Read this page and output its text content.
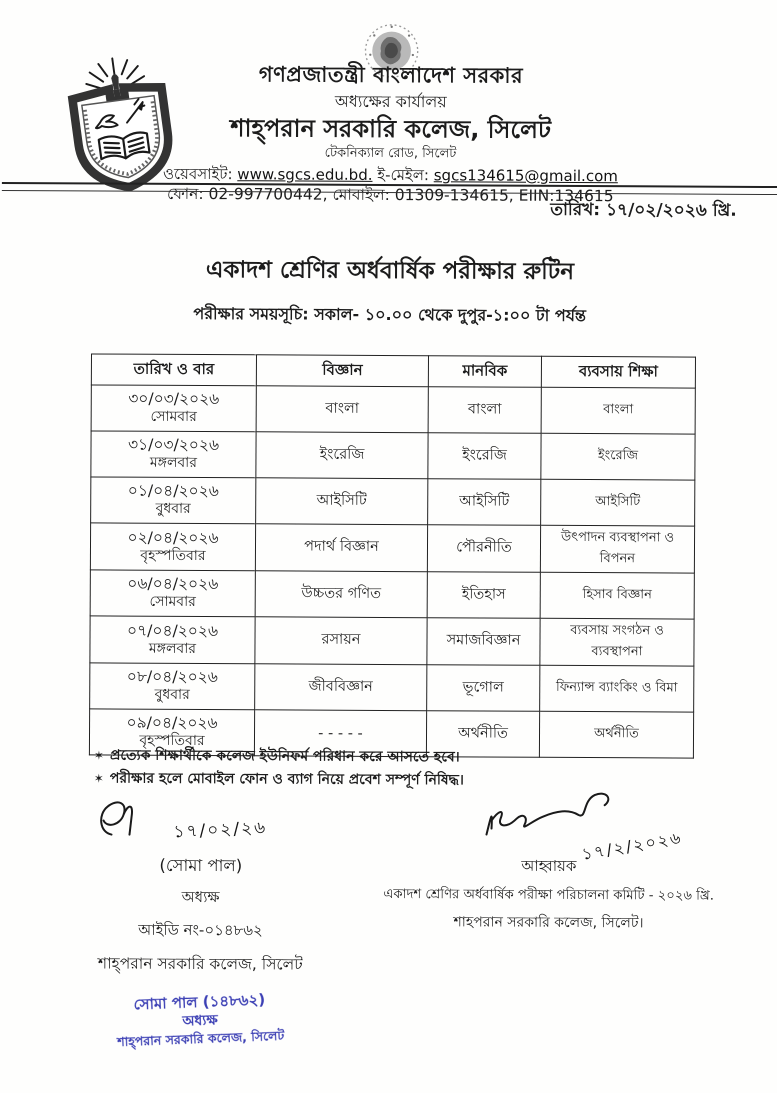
গণপ্রজাতন্ত্রী বাংলাদেশ সরকার
অধ্যক্ষের কার্যালয়
শাহ্‌পরান সরকারি কলেজ, সিলেট
টেকনিক্যাল রোড, সিলেট
ওয়েবসাইট: www.sgcs.edu.bd. ই-মেইল: sgcs134615@gmail.com
ফোন: 02-997700442, মোবাইল: 01309-134615, EIIN:134615
তারিখ: ১৭/০২/২০২৬ খ্রি.
একাদশ শ্রেণির অর্ধবার্ষিক পরীক্ষার রুটিন
পরীক্ষার সময়সূচি: সকাল- ১০.০০ থেকে দুপুর-১:০০ টা পর্যন্ত
তারিখ ও বার	বিজ্ঞান	মানবিক	ব্যবসায় শিক্ষা

৩০/০৩/২০২৬
সোমবার	বাংলা	বাংলা	বাংলা

৩১/০৩/২০২৬
মঙ্গলবার	ইংরেজি	ইংরেজি	ইংরেজি

০১/০৪/২০২৬
বুধবার	আইসিটি	আইসিটি	আইসিটি

০২/০৪/২০২৬
বৃহস্পতিবার	পদার্থ বিজ্ঞান	পৌরনীতি	উৎপাদন ব্যবস্থাপনা ও বিপনন

০৬/০৪/২০২৬
সোমবার	উচ্চতর গণিত	ইতিহাস	হিসাব বিজ্ঞান

০৭/০৪/২০২৬
মঙ্গলবার	রসায়ন	সমাজবিজ্ঞান	ব্যবসায় সংগঠন ও ব্যবস্থাপনা

০৮/০৪/২০২৬
বুধবার	জীববিজ্ঞান	ভূগোল	ফিন্যান্স ব্যাংকিং ও বিমা

০৯/০৪/২০২৬
বৃহস্পতিবার	- - - - -	অর্থনীতি	অর্থনীতি
✶ প্রত্যেক শিক্ষার্থীকে কলেজ ইউনিফর্ম পরিধান করে আসতে হবে।
✶ পরীক্ষার হলে মোবাইল ফোন ও ব্যাগ নিয়ে প্রবেশ সম্পূর্ণ নিষিদ্ধ।
১৭/০২/২৬
(সোমা পাল)
অধ্যক্ষ
আইডি নং-০১৪৮৬২
শাহ্‌পরান সরকারি কলেজ, সিলেট
সোমা পাল (১৪৮৬২)
অধ্যক্ষ
শাহ্‌পরান সরকারি কলেজ, সিলেট
১৭/২/২০২৬
আহ্বায়ক
একাদশ শ্রেণির অর্ধবার্ষিক পরীক্ষা পরিচালনা কমিটি - ২০২৬ খ্রি.
শাহপরান সরকারি কলেজ, সিলেট।
